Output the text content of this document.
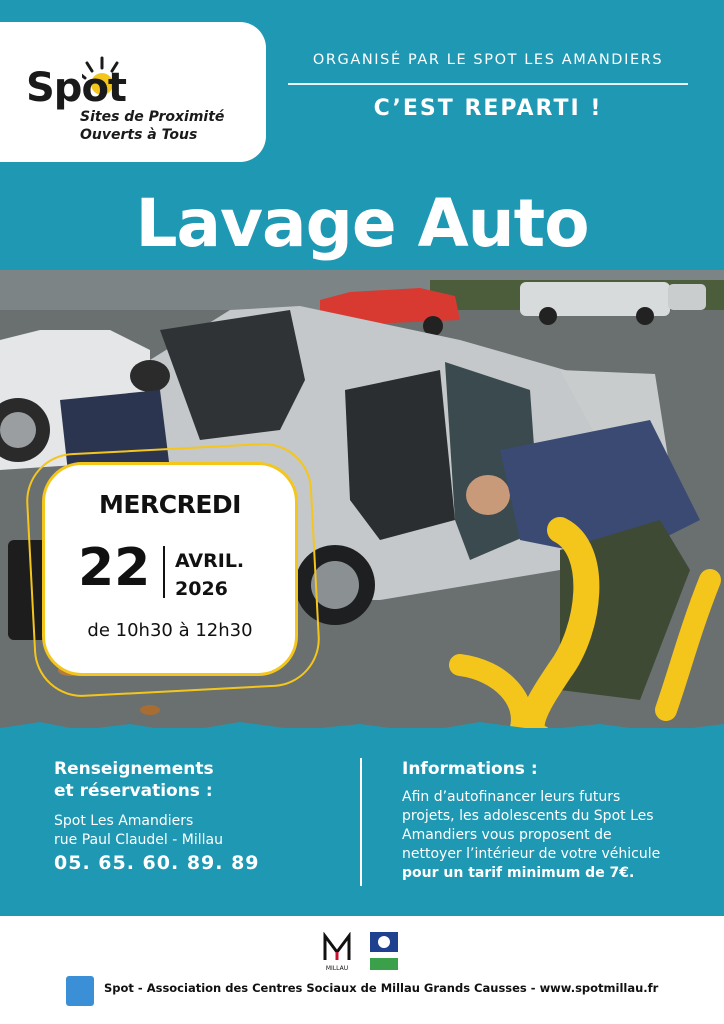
Spot
Sites de Proximité
Ouverts à Tous
ORGANISÉ PAR LE SPOT LES AMANDIERS
C’EST REPARTI !
Lavage Auto
MERCREDI
22 AVRIL.
2026
de 10h30 à 12h30

Renseignements

et réservations :

Spot Les Amandiers

rue Paul Claudel - Millau

05. 65. 60. 89. 89

Informations :

Afin d’autofinancer leurs futurs

projets, les adolescents du Spot Les

Amandiers vous proposent de

nettoyer l’intérieur de votre véhicule

pour un tarif minimum de 7€.

MILLAU
Spot - Association des Centres Sociaux de Millau Grands Causses - www.spotmillau.fr
